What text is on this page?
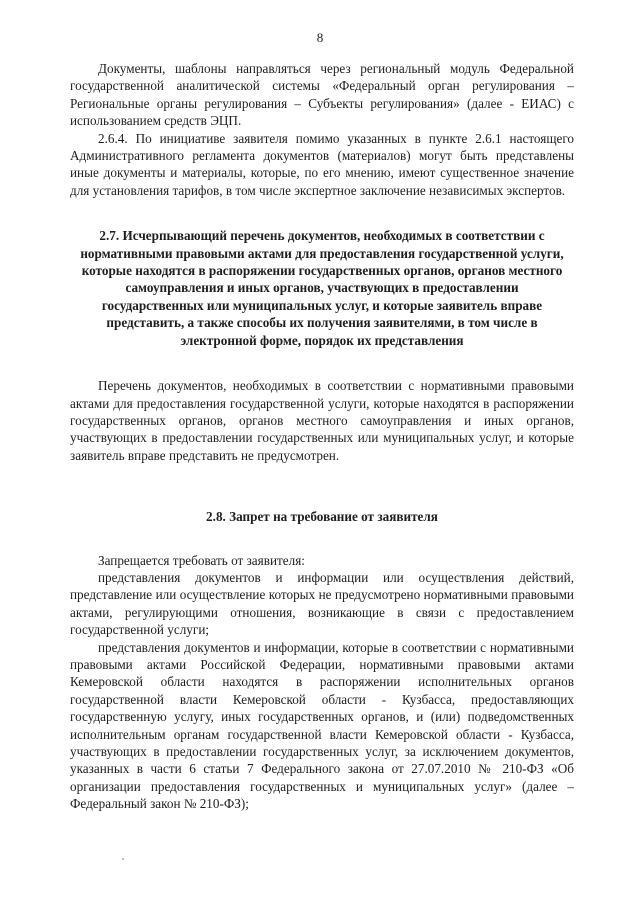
8

Документы, шаблоны направляться через региональный модуль Федеральной государственной аналитической системы «Федеральный орган регулирования – Региональные органы регулирования – Субъекты регулирования» (далее - ЕИАС) с использованием средств ЭЦП.

2.6.4. По инициативе заявителя помимо указанных в пункте 2.6.1 настоящего Административного регламента документов (материалов) могут быть представлены иные документы и материалы, которые, по его мнению, имеют существенное значение для установления тарифов, в том числе экспертное заключение независимых экспертов.

2.7. Исчерпывающий перечень документов, необходимых в соответствии с нормативными правовыми актами для предоставления государственной услуги, которые находятся в распоряжении государственных органов, органов местного самоуправления и иных органов, участвующих в предоставлении государственных или муниципальных услуг, и которые заявитель вправе представить, а также способы их получения заявителями, в том числе в электронной форме, порядок их представления

Перечень документов, необходимых в соответствии с нормативными правовыми актами для предоставления государственной услуги, которые находятся в распоряжении государственных органов, органов местного самоуправления и иных органов, участвующих в предоставлении государственных или муниципальных услуг, и которые заявитель вправе представить не предусмотрен.

2.8. Запрет на требование от заявителя

Запрещается требовать от заявителя:

представления документов и информации или осуществления действий, представление или осуществление которых не предусмотрено нормативными правовыми актами, регулирующими отношения, возникающие в связи с предоставлением государственной услуги;

представления документов и информации, которые в соответствии с нормативными правовыми актами Российской Федерации, нормативными правовыми актами Кемеровской области находятся в распоряжении исполнительных органов государственной власти Кемеровской области - Кузбасса, предоставляющих государственную услугу, иных государственных органов, и (или) подведомственных исполнительным органам государственной власти Кемеровской области - Кузбасса, участвующих в предоставлении государственных услуг, за исключением документов, указанных в части 6 статьи 7 Федерального закона от 27.07.2010 № 210-ФЗ «Об организации предоставления государственных и муниципальных услуг» (далее – Федеральный закон № 210-ФЗ);
